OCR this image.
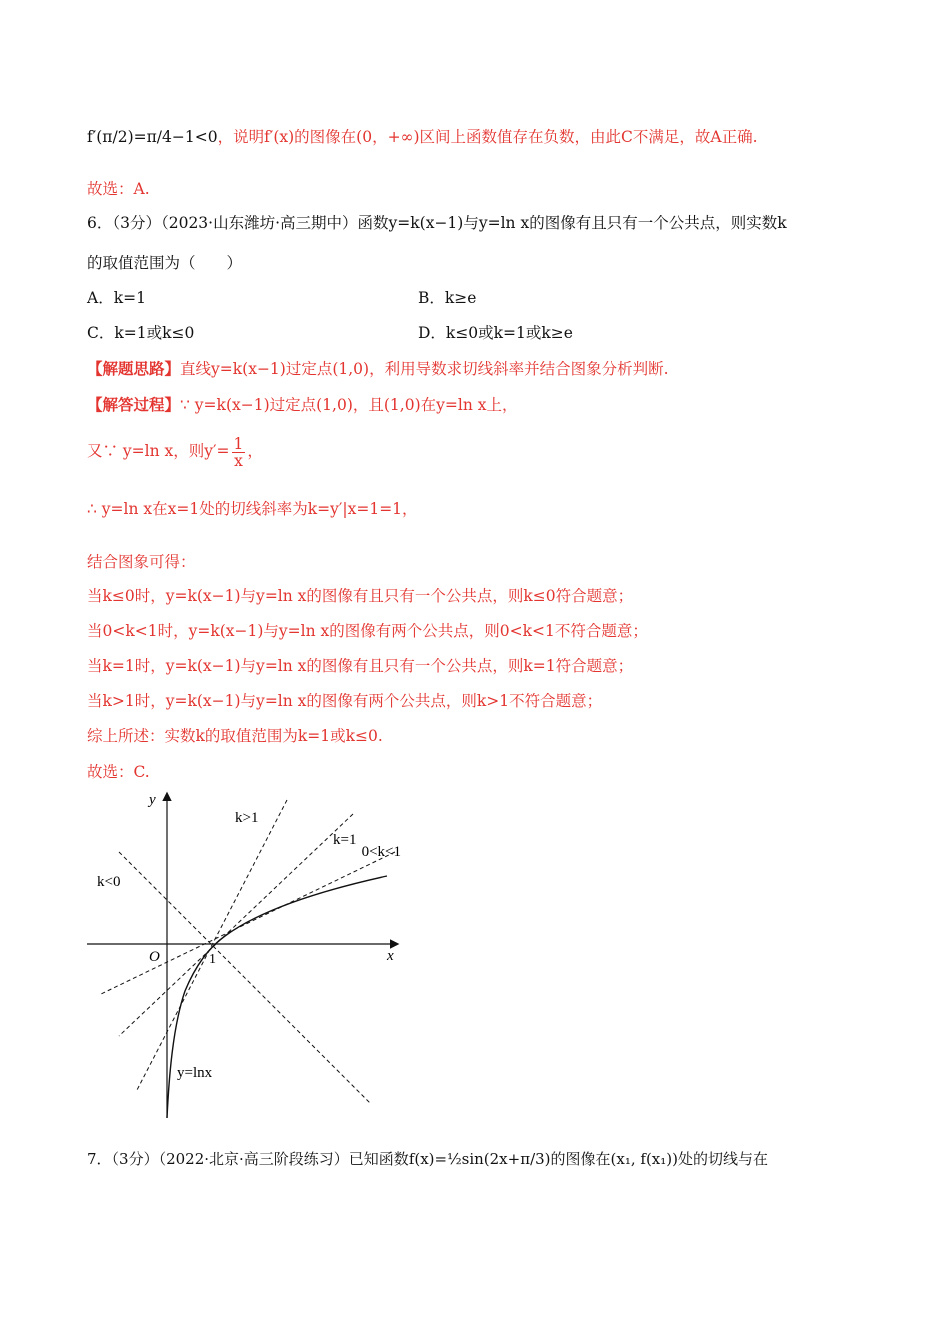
f′(π/2)=π/4−1<0，说明f′(x)的图像在(0，+∞)区间上函数值存在负数，由此C不满足，故A正确.
故选：A.
6．（3分）（2023·山东潍坊·高三期中）函数y=k(x−1)与y=ln x的图像有且只有一个公共点，则实数k
的取值范围为（　　）
A．k=1	B．k≥e
C．k=1或k≤0	D．k≤0或k=1或k≥e
【解题思路】直线y=k(x−1)过定点(1,0)，利用导数求切线斜率并结合图象分析判断.
【解答过程】∵ y=k(x−1)过定点(1,0)，且(1,0)在y=ln x上，
又∵ y=ln x，则$y'= \frac{1}{x}$ ，
∴ y=ln x在x=1处的切线斜率为k=y′|x=1=1，
结合图象可得：
当k≤0时，y=k(x−1)与y=ln x的图像有且只有一个公共点，则k≤0符合题意；
当0<k<1时，y=k(x−1)与y=ln x的图像有两个公共点，则0<k<1不符合题意；
当k=1时，y=k(x−1)与y=ln x的图像有且只有一个公共点，则k=1符合题意；
当k>1时，y=k(x−1)与y=ln x的图像有两个公共点，则k>1不符合题意；
综上所述：实数k的取值范围为k=1或k≤0.
故选：C.
y
x
O	1
k>1
k=1
0<k<1
k<0
y=lnx
7．（3分）（2022·北京·高三阶段练习）已知函数f(x)=½sin(2x+π/3)的图像在(x₁, f(x₁))处的切线与在
